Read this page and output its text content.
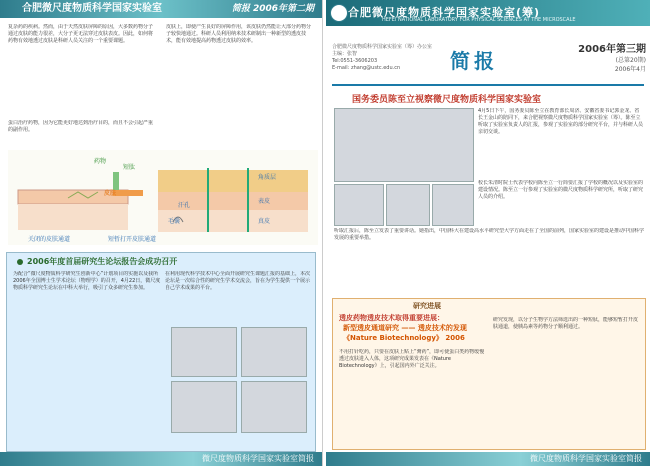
合肥微尺度物质科学国家实验室	简报 2006年第二期

复杂药的疾病。然而，由于天然皮肤屏障的原因，大多数药物分子通过皮肤的能力很差，大分子更无法穿过皮肤表皮。因此，如何将药物有效地透过皮肤是科研人员关注的一个重要课题。

皮肤上，即使产生良好的屏障作用，该皮肤仍然能让大部分药物分子较快地通过。科研人员利用纳米技术研制出一种新型的透皮技术，能有效地提高药物透过皮肤的效率。

蛋白治疗药物，因为它能更好地达到治疗目的，而且不会引起严重的副作用。

药物
皮肤
毛囊
汗孔
角质层
表皮
真皮
短肽
关闭的皮肤通道	短暂打开皮肤通道
2006年度首届研究生论坛报告会成功召开

为配合“微尺度物质科学研究生创新中心”计划项目的实施以及我所2006年全国博士生学术论坛（物理学）的召开，4月22日，微尺度物质科学研究生论坛在中科大举行，吸引了众多研究生参加。

在利用现代科学技术中心全面开展研究生课题汇报的基础上，本次论坛是一次综合性的研究生学术交流会，旨在为学生提供一个展示自己学术成果的平台。

微尺度物质科学国家实验室简报
合肥微尺度物质科学国家实验室(筹)
HEFEI NATIONAL LABORATORY FOR PHYSICAL SCIENCES AT THE MICROSCALE
合肥微尺度物质科学国家实验室（筹）办公室
主编：张智
Tel:0551-3606203
E-mail: zhang@ustc.edu.cn	简报	2006年第三期
(总第20期)
2006年4月
国务委员陈至立视察微尺度物质科学国家实验室

4月5日下午，国务委员陈至立在教育部长周济、安徽省委书记郭金龙、省长王金山的陪同下，来合肥视察微尺度物质科学国家实验室（筹）。陈至立听取了实验室负责人的汇报，参观了实验室的部分研究平台，并与科研人员亲切交谈。

校长朱清时院士代表学校向陈至立一行简要汇报了学校的概况以及实验室的建设情况。陈至立一行参观了实验室的微尺度物质科学研究所，听取了研究人员的介绍。

听取汇报后，陈至立发表了重要讲话。她指出，中国科大在建设高水平研究型大学方面走在了全国的前列，国家实验室的建设是推动中国科学发展的重要举措。

研究进展
透皮药物透皮技术取得重要进展：
新型透皮通道研究 —— 透皮技术的发现
《Nature Biotechnology》 2006

不用打针吃药，只要在皮肤上贴上“膏药”，即可使蛋白类药物缓慢透过皮肤进入人体，这项研究成果发表在《Nature Biotechnology》上，引起国内外广泛关注。

研究发现，以分子生物学方法筛选出的一种短肽，能够短暂打开皮肤通道，使胰岛素等药物分子顺利通过。

微尺度物质科学国家实验室简报
